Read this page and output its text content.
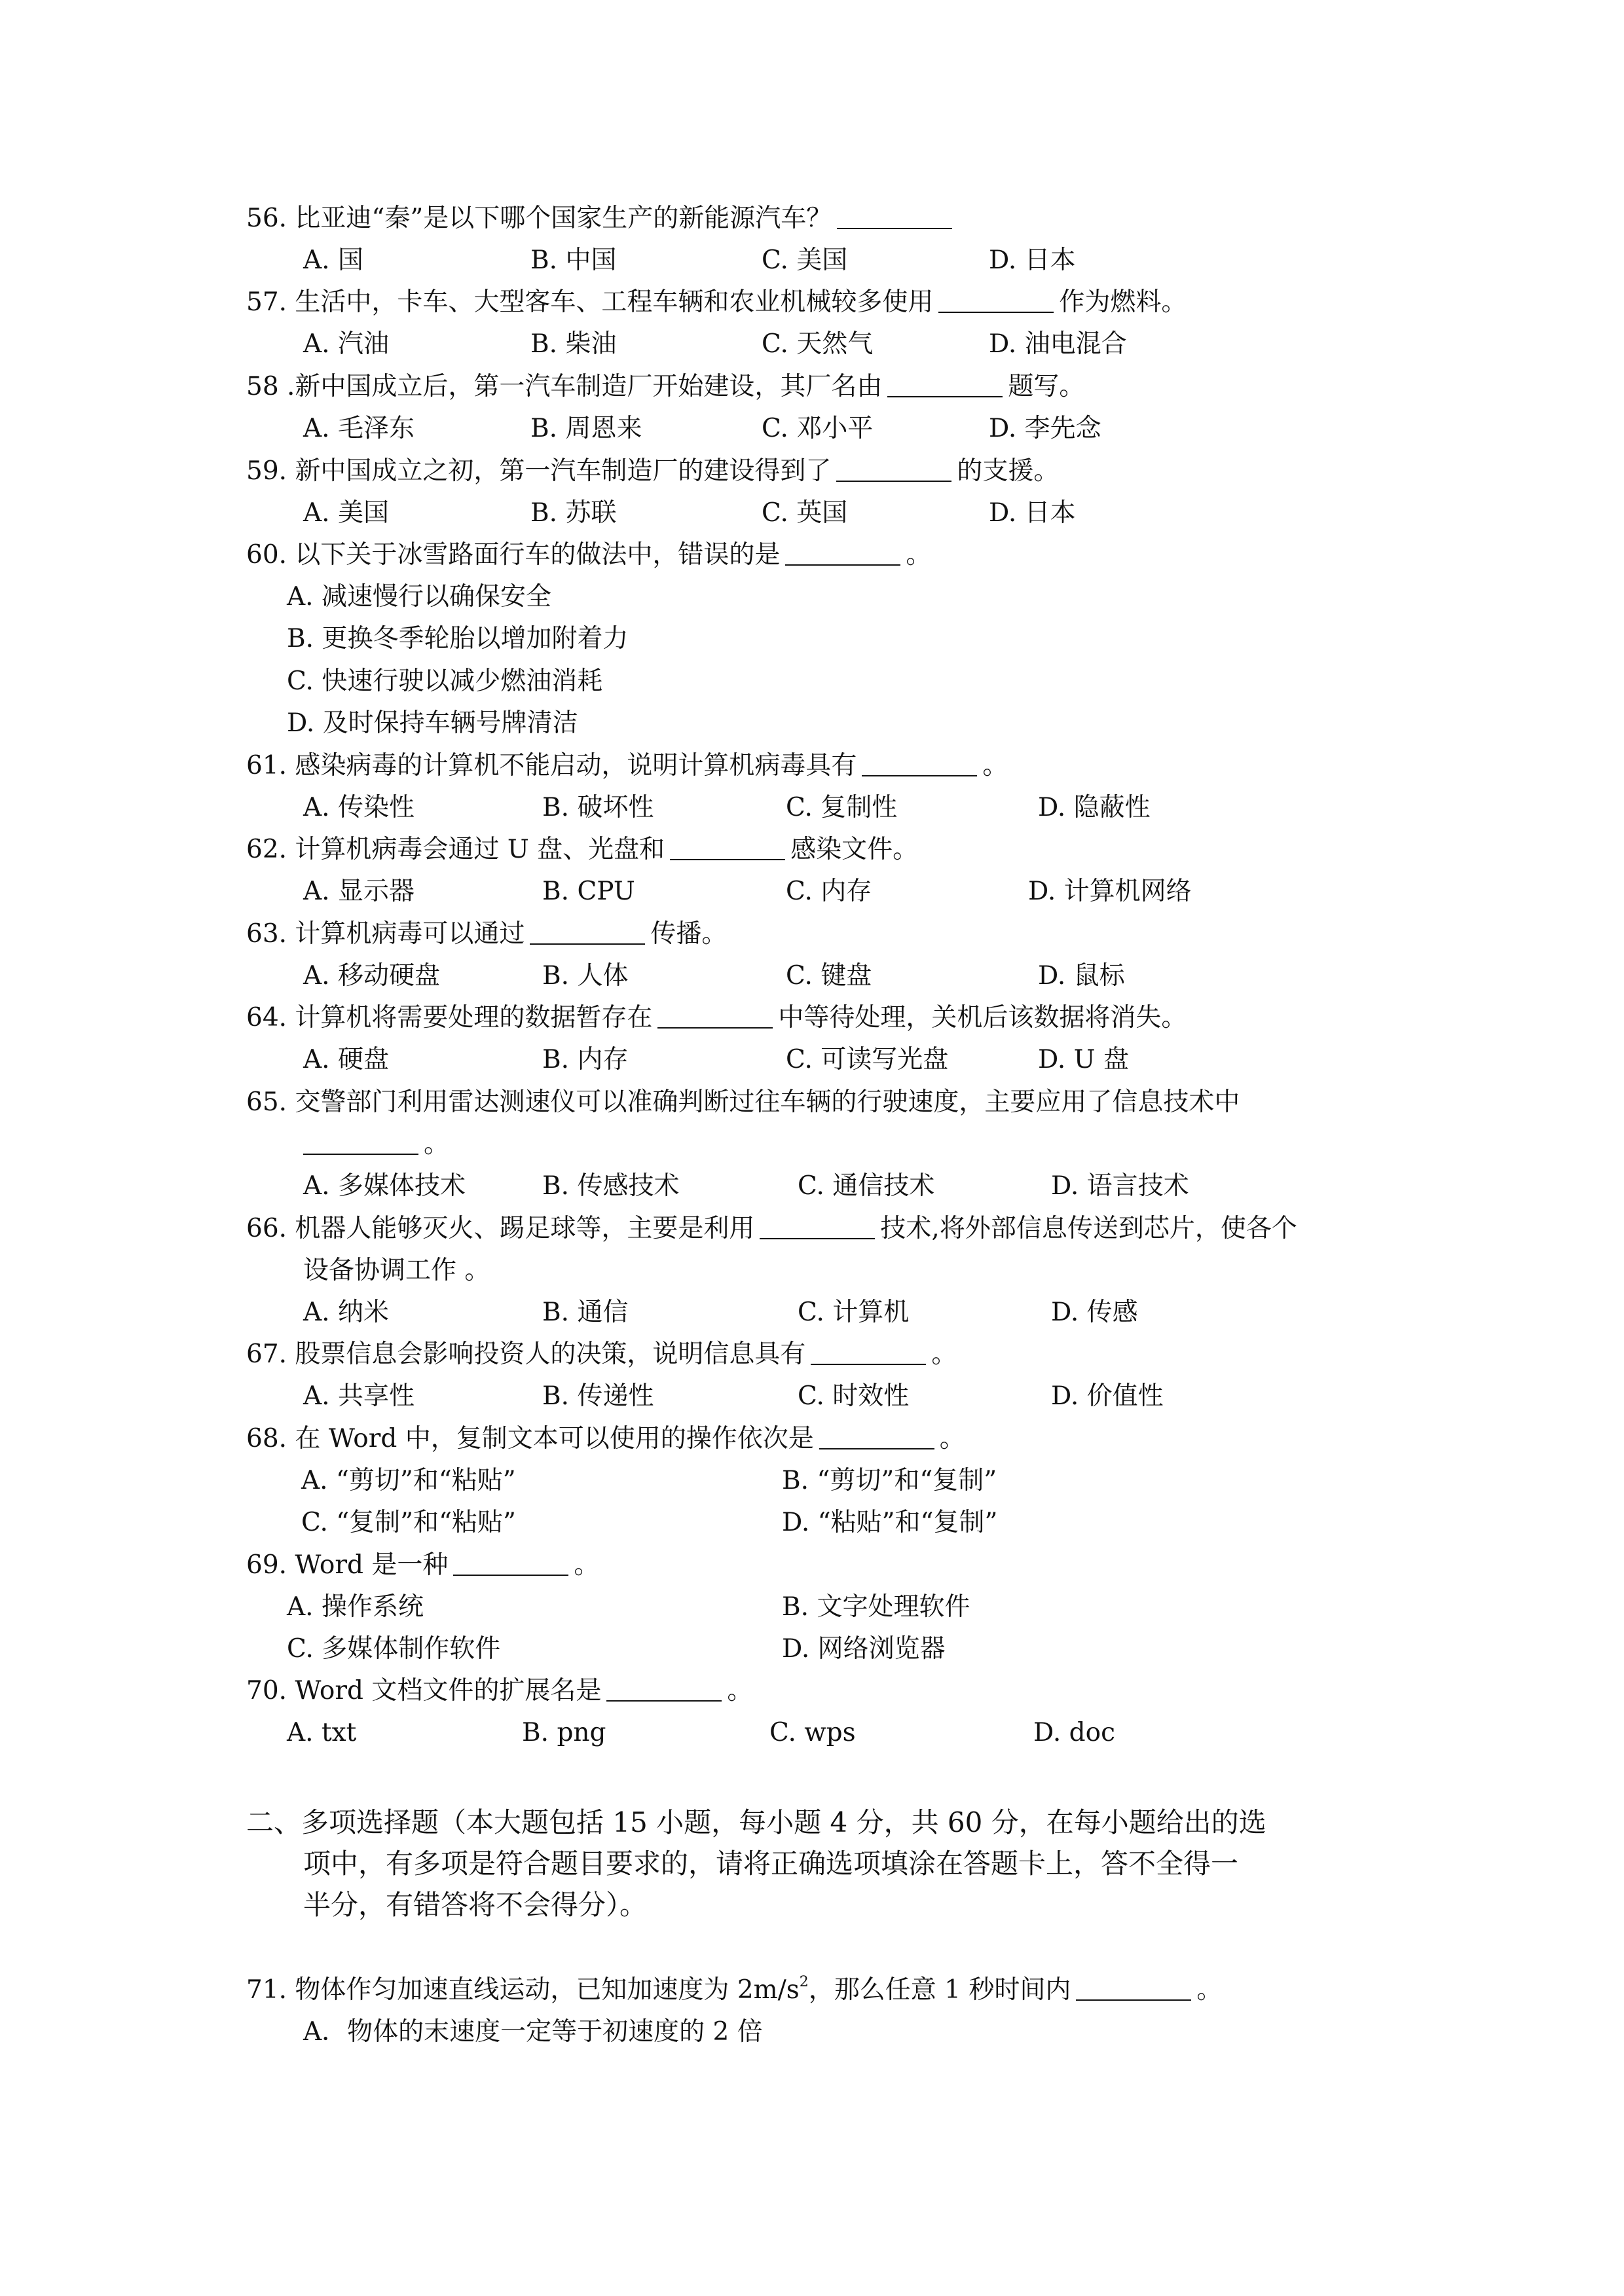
56. 比亚迪“秦”是以下哪个国家生产的新能源汽车？
A. 国	B. 中国	C. 美国	D. 日本
57. 生活中，卡车、大型客车、工程车辆和农业机械较多使用	作为燃料。
A. 汽油	B. 柴油	C. 天然气	D. 油电混合
58 .新中国成立后，第一汽车制造厂开始建设，其厂名由	题写。
A. 毛泽东	B. 周恩来	C. 邓小平	D. 李先念
59. 新中国成立之初，第一汽车制造厂的建设得到了	的支援。
A. 美国	B. 苏联	C. 英国	D. 日本
60. 以下关于冰雪路面行车的做法中，错误的是	。
A. 减速慢行以确保安全
B. 更换冬季轮胎以增加附着力
C. 快速行驶以减少燃油消耗
D. 及时保持车辆号牌清洁
61. 感染病毒的计算机不能启动，说明计算机病毒具有	。
A. 传染性	B. 破坏性	C. 复制性	D. 隐蔽性
62. 计算机病毒会通过 U 盘、光盘和	感染文件。
A. 显示器	B. CPU	C. 内存	D. 计算机网络
63. 计算机病毒可以通过	传播。
A. 移动硬盘	B. 人体	C. 键盘	D. 鼠标
64. 计算机将需要处理的数据暂存在	中等待处理，关机后该数据将消失。
A. 硬盘	B. 内存	C. 可读写光盘	D. U 盘
65. 交警部门利用雷达测速仪可以准确判断过往车辆的行驶速度，主要应用了信息技术中
。
A. 多媒体技术	B. 传感技术	C. 通信技术	D. 语言技术
66. 机器人能够灭火、踢足球等，主要是利用	技术,将外部信息传送到芯片，使各个
设备协调工作 。
A. 纳米	B. 通信	C. 计算机	D. 传感
67. 股票信息会影响投资人的决策，说明信息具有	。
A. 共享性	B. 传递性	C. 时效性	D. 价值性
68. 在 Word 中，复制文本可以使用的操作依次是	。
A. “剪切”和“粘贴”	B. “剪切”和“复制”
C. “复制”和“粘贴”	D. “粘贴”和“复制”
69. Word 是一种	。
A. 操作系统	B. 文字处理软件
C. 多媒体制作软件	D. 网络浏览器
70. Word 文档文件的扩展名是	。
A. txt	B. png	C. wps	D. doc
二、多项选择题（本大题包括 15 小题，每小题 4 分，共 60 分，在每小题给出的选
项中，有多项是符合题目要求的，请将正确选项填涂在答题卡上，答不全得一
半分，有错答将不会得分）。
71. 物体作匀加速直线运动，已知加速度为 $2m/s^2$，那么任意 1 秒时间内	。
A．物体的末速度一定等于初速度的 2 倍
